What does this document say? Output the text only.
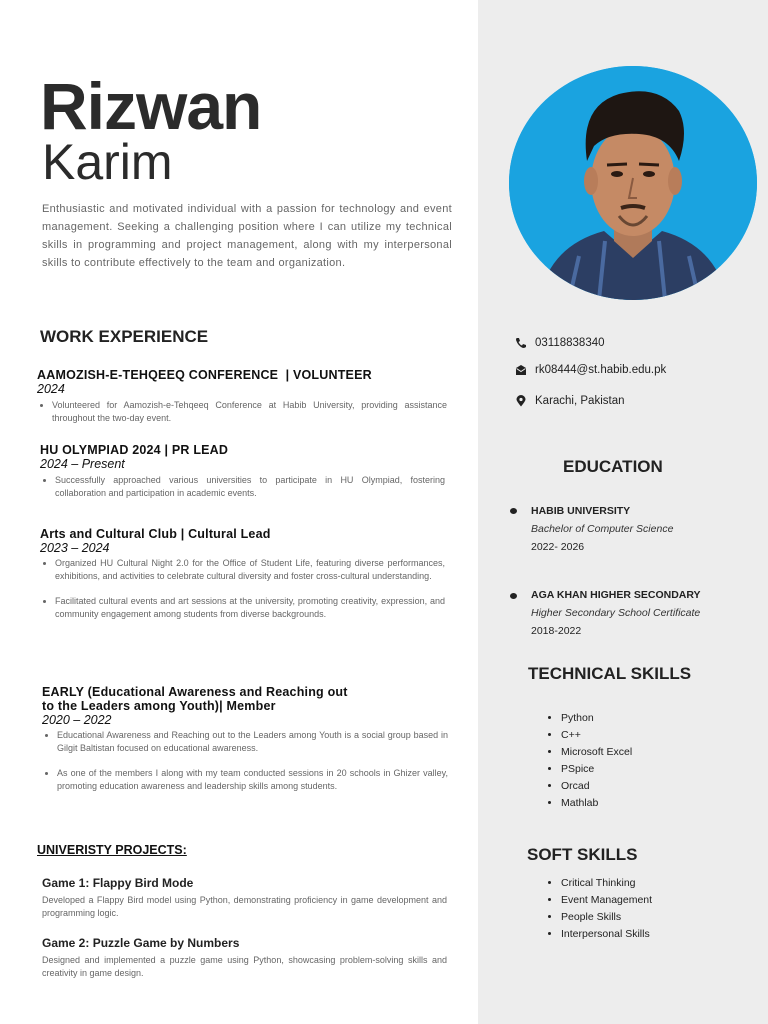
Rizwan
Karim
Enthusiastic and motivated individual with a passion for technology and event management. Seeking a challenging position where I can utilize my technical skills in programming and project management, along with my interpersonal skills to contribute effectively to the team and organization.
WORK EXPERIENCE
AAMOZISH-E-TEHQEEQ CONFERENCE  | VOLUNTEER
2024
• Volunteered for Aamozish-e-Tehqeeq Conference at Habib University, providing assistance throughout the two-day event.
HU OLYMPIAD 2024 | PR LEAD
2024 – Present
• Successfully approached various universities to participate in HU Olympiad, fostering collaboration and participation in academic events.
Arts and Cultural Club | Cultural Lead
2023 – 2024
• Organized HU Cultural Night 2.0 for the Office of Student Life, featuring diverse performances, exhibitions, and activities to celebrate cultural diversity and foster cross-cultural understanding.
• Facilitated cultural events and art sessions at the university, promoting creativity, expression, and community engagement among students from diverse backgrounds.
EARLY (Educational Awareness and Reaching out
to the Leaders among Youth)| Member
2020 – 2022
• Educational Awareness and Reaching out to the Leaders among Youth is a social group based in Gilgit Baltistan focused on educational awareness.
• As one of the members I along with my team conducted sessions in 20 schools in Ghizer valley, promoting education awareness and leadership skills among students.
UNIVERISTY PROJECTS:
Game 1: Flappy Bird Mode
Developed a Flappy Bird model using Python, demonstrating proficiency in game development and programming logic.
Game 2: Puzzle Game by Numbers
Designed and implemented a puzzle game using Python, showcasing problem-solving skills and creativity in game design.
03118838340
rk08444@st.habib.edu.pk
Karachi, Pakistan
EDUCATION
HABIB UNIVERSITY
Bachelor of Computer Science
2022- 2026
AGA KHAN HIGHER SECONDARY
Higher Secondary School Certificate
2018-2022
TECHNICAL SKILLS
• Python
• C++
• Microsoft Excel
• PSpice
• Orcad
• Mathlab
SOFT SKILLS
• Critical Thinking
• Event Management
• People Skills
• Interpersonal Skills
